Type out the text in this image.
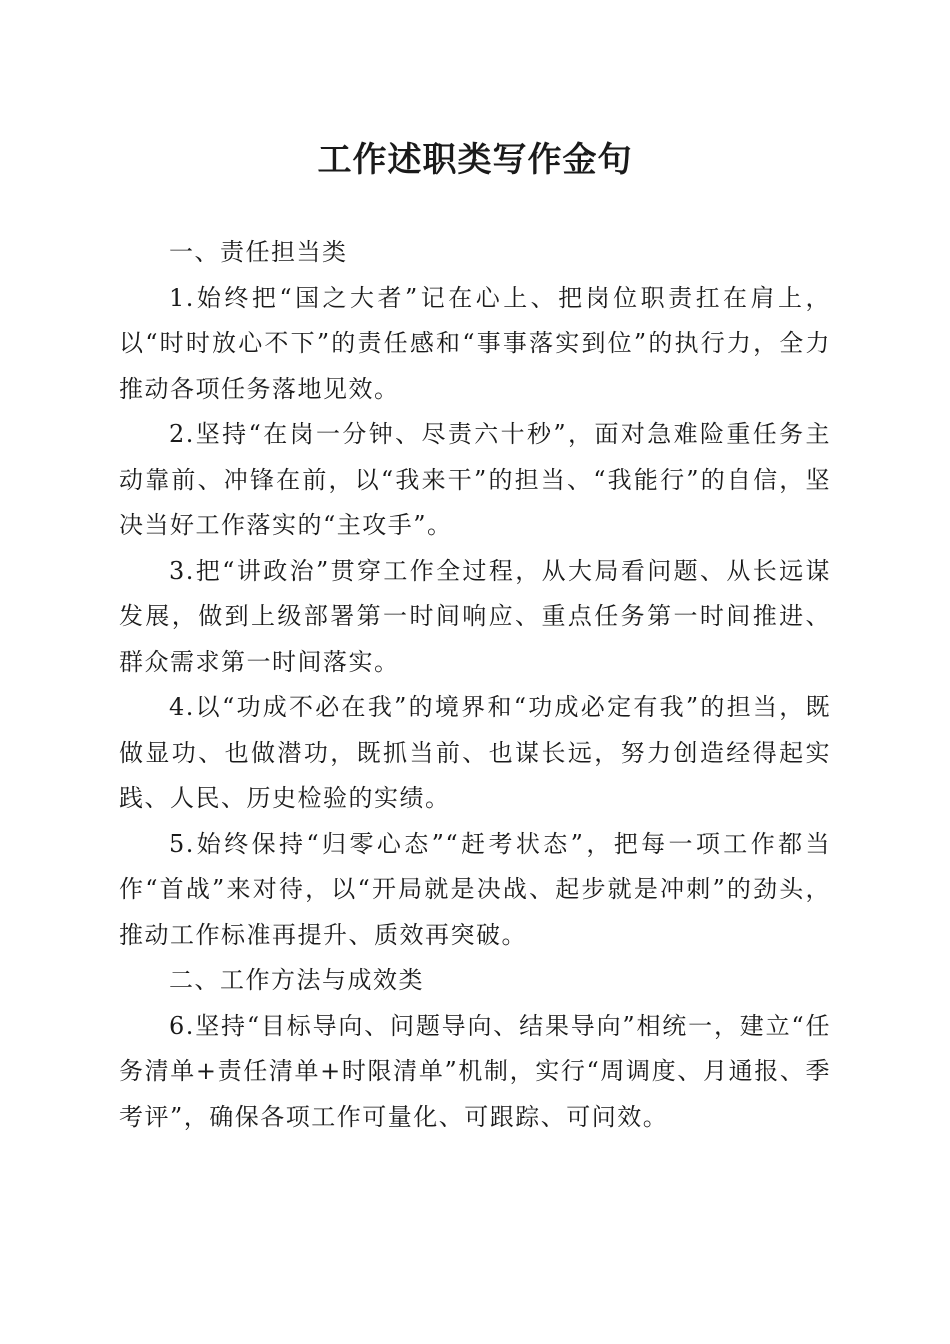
工作述职类写作金句

一、责任担当类

1.始终把“国之大者”记在心上、把岗位职责扛在肩上，以“时时放心不下”的责任感和“事事落实到位”的执行力，全力推动各项任务落地见效。

2.坚持“在岗一分钟、尽责六十秒”，面对急难险重任务主动靠前、冲锋在前，以“我来干”的担当、“我能行”的自信，坚决当好工作落实的“主攻手”。

3.把“讲政治”贯穿工作全过程，从大局看问题、从长远谋发展，做到上级部署第一时间响应、重点任务第一时间推进、群众需求第一时间落实。

4.以“功成不必在我”的境界和“功成必定有我”的担当，既做显功、也做潜功，既抓当前、也谋长远，努力创造经得起实践、人民、历史检验的实绩。

5.始终保持“归零心态”“赶考状态”，把每一项工作都当作“首战”来对待，以“开局就是决战、起步就是冲刺”的劲头，推动工作标准再提升、质效再突破。

二、工作方法与成效类

6.坚持“目标导向、问题导向、结果导向”相统一，建立“任务清单+责任清单+时限清单”机制，实行“周调度、月通报、季考评”，确保各项工作可量化、可跟踪、可问效。
